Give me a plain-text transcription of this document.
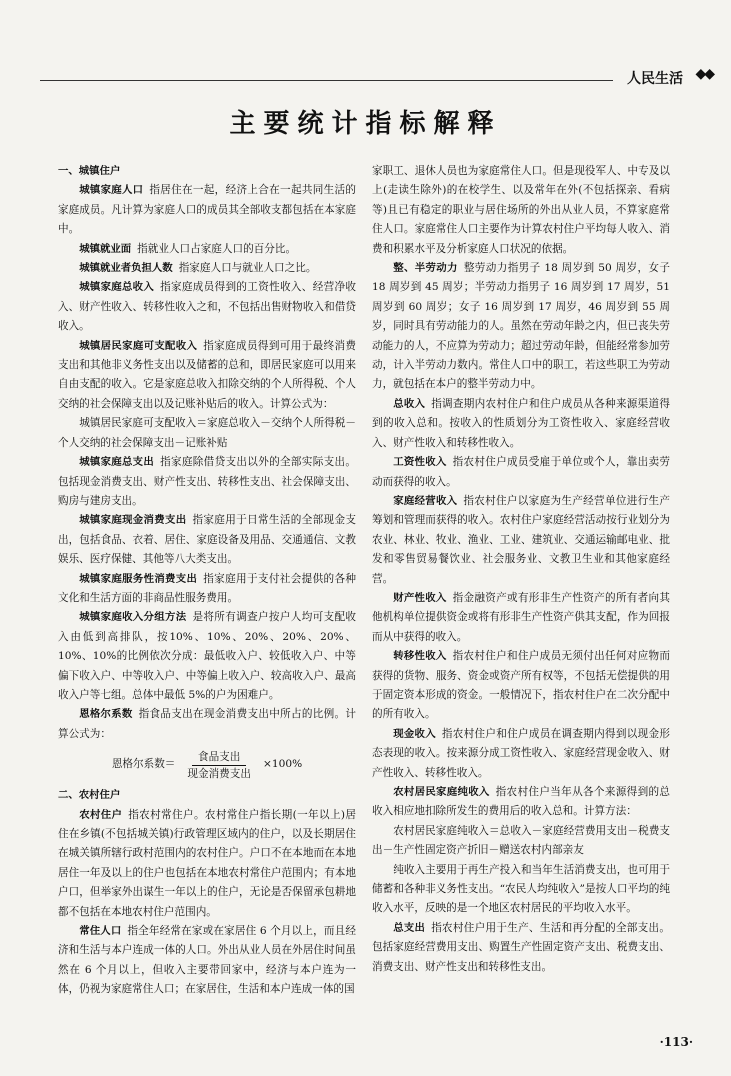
人民生活 ◆◆
主要统计指标解释

一、城镇住户

城镇家庭人口 指居住在一起，经济上合在一起共同生活的家庭成员。凡计算为家庭人口的成员其全部收支都包括在本家庭中。

城镇就业面 指就业人口占家庭人口的百分比。

城镇就业者负担人数 指家庭人口与就业人口之比。

城镇家庭总收入 指家庭成员得到的工资性收入、经营净收入、财产性收入、转移性收入之和，不包括出售财物收入和借贷收入。

城镇居民家庭可支配收入 指家庭成员得到可用于最终消费支出和其他非义务性支出以及储蓄的总和，即居民家庭可以用来自由支配的收入。它是家庭总收入扣除交纳的个人所得税、个人交纳的社会保障支出以及记账补贴后的收入。计算公式为：

城镇居民家庭可支配收入＝家庭总收入－交纳个人所得税－个人交纳的社会保障支出－记账补贴

城镇家庭总支出 指家庭除借贷支出以外的全部实际支出。包括现金消费支出、财产性支出、转移性支出、社会保障支出、购房与建房支出。

城镇家庭现金消费支出 指家庭用于日常生活的全部现金支出，包括食品、衣着、居住、家庭设备及用品、交通通信、文教娱乐、医疗保健、其他等八大类支出。

城镇家庭服务性消费支出 指家庭用于支付社会提供的各种文化和生活方面的非商品性服务费用。

城镇家庭收入分组方法 是将所有调查户按户人均可支配收入由低到高排队，按10%、10%、20%、20%、20%、10%、10%的比例依次分成：最低收入户、较低收入户、中等偏下收入户、中等收入户、中等偏上收入户、较高收入户、最高收入户等七组。总体中最低 5%的户为困难户。

恩格尔系数 指食品支出在现金消费支出中所占的比例。计算公式为：

恩格尔系数＝ $\frac{\text{食品支出}}{\text{现金消费支出}} \times 100\%$

二、农村住户

农村住户 指农村常住户。农村常住户指长期(一年以上)居住在乡镇(不包括城关镇)行政管理区域内的住户，以及长期居住在城关镇所辖行政村范围内的农村住户。户口不在本地而在本地居住一年及以上的住户也包括在本地农村常住户范围内；有本地户口，但举家外出谋生一年以上的住户，无论是否保留承包耕地都不包括在本地农村住户范围内。

常住人口 指全年经常在家或在家居住 6 个月以上，而且经济和生活与本户连成一体的人口。外出从业人员在外居住时间虽然在 6 个月以上，但收入主要带回家中，经济与本户连为一体，仍视为家庭常住人口；在家居住，生活和本户连成一体的国

家职工、退休人员也为家庭常住人口。但是现役军人、中专及以上(走读生除外)的在校学生、以及常年在外(不包括探亲、看病等)且已有稳定的职业与居住场所的外出从业人员，不算家庭常住人口。家庭常住人口主要作为计算农村住户平均每人收入、消费和积累水平及分析家庭人口状况的依据。

整、半劳动力 整劳动力指男子 18 周岁到 50 周岁，女子 18 周岁到 45 周岁；半劳动力指男子 16 周岁到 17 周岁，51 周岁到 60 周岁；女子 16 周岁到 17 周岁，46 周岁到 55 周岁，同时具有劳动能力的人。虽然在劳动年龄之内，但已丧失劳动能力的人，不应算为劳动力；超过劳动年龄，但能经常参加劳动，计入半劳动力数内。常住人口中的职工，若这些职工为劳动力，就包括在本户的整半劳动力中。

总收入 指调查期内农村住户和住户成员从各种来源渠道得到的收入总和。按收入的性质划分为工资性收入、家庭经营收入、财产性收入和转移性收入。

工资性收入 指农村住户成员受雇于单位或个人，靠出卖劳动而获得的收入。

家庭经营收入 指农村住户以家庭为生产经营单位进行生产筹划和管理而获得的收入。农村住户家庭经营活动按行业划分为农业、林业、牧业、渔业、工业、建筑业、交通运输邮电业、批发和零售贸易餐饮业、社会服务业、文教卫生业和其他家庭经营。

财产性收入 指金融资产或有形非生产性资产的所有者向其他机构单位提供资金或将有形非生产性资产供其支配，作为回报而从中获得的收入。

转移性收入 指农村住户和住户成员无须付出任何对应物而获得的货物、服务、资金或资产所有权等，不包括无偿提供的用于固定资本形成的资金。一般情况下，指农村住户在二次分配中的所有收入。

现金收入 指农村住户和住户成员在调查期内得到以现金形态表现的收入。按来源分成工资性收入、家庭经营现金收入、财产性收入、转移性收入。

农村居民家庭纯收入 指农村住户当年从各个来源得到的总收入相应地扣除所发生的费用后的收入总和。计算方法：

农村居民家庭纯收入＝总收入－家庭经营费用支出－税费支出－生产性固定资产折旧－赠送农村内部亲友

纯收入主要用于再生产投入和当年生活消费支出，也可用于储蓄和各种非义务性支出。“农民人均纯收入”是按人口平均的纯收入水平，反映的是一个地区农村居民的平均收入水平。

总支出 指农村住户用于生产、生活和再分配的全部支出。包括家庭经营费用支出、购置生产性固定资产支出、税费支出、消费支出、财产性支出和转移性支出。

·113·
